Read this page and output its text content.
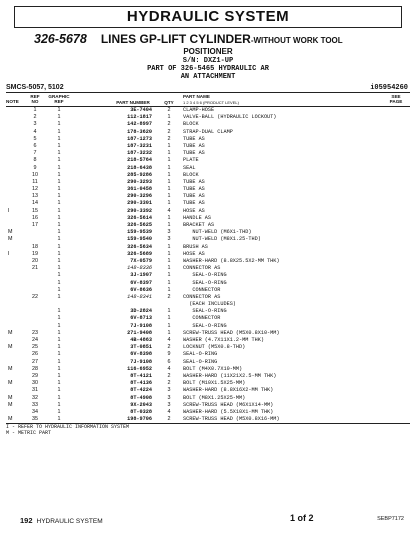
HYDRAULIC SYSTEM
326-5678 LINES GP-LIFT CYLINDER-WITHOUT WORK TOOL
POSITIONER
S/N: DXZ1-UP
PART OF 326-5465 HYDRAULIC AR
AN ATTACHMENT
SMCS-5057, 5102	i05954260
NOTE
REF
NO
GRAPHIC
REF	PART NUMBER	QTY
PART NAME
1 2 3 4 5 6 (PRODUCT LEVEL)
SEE
PAGE
1	1	3E-7404	2	CLAMP-HOSE
2	1	112-1817	1	VALVE-BALL (HYDRAULIC LOCKOUT)
3	1	142-8997	2	BLOCK
4	1	178-3620	2	STRAP-DUAL CLAMP
5	1	187-1273	2	TUBE AS
6	1	187-3231	1	TUBE AS
7	1	187-3232	1	TUBE AS
8	1	218-5764	1	PLATE
9	1	218-6438	1	SEAL
10	1	285-9286	1	BLOCK
11	1	290-3293	1	TUBE AS
12	1	361-0458	1	TUBE AS
13	1	290-3296	1	TUBE AS
14	1	290-3301	1	TUBE AS
I	15	1	290-3392	4	HOSE AS
16	1	326-5614	1	HANDLE AS
17	1	326-5625	1	BRACKET AS
M	1	159-9539	3	NUT-WELD (M6X1-THD)
M	1	159-9540	3	NUT-WELD (M8X1.25-THD)
18	1	326-5634	1	BRUSH AS
I	19	1	326-5689	1	HOSE AS
20	1	7X-0579	1	WASHER-HARD (8.8X25.5X2-MM THK)
21	1	148-8336	1	CONNECTOR AS
1	3J-1907	1	SEAL-O-RING
1	6V-8397	1	SEAL-O-RING
1	6V-8636	1	CONNECTOR
22	1	148-8341	2	CONNECTOR AS
(EACH INCLUDES)
1	3D-2824	1	SEAL-O-RING
1	6V-8713	1	CONNECTOR
1	7J-9108	1	SEAL-O-RING
M	23	1	271-9408	1	SCREW-TRUSS HEAD (M5X0.8X10-MM)
24	1	4B-4863	4	WASHER (4.7X11X1.2-MM THK)
M	25	1	3T-0851	2	LOCKNUT (M5X0.8-THD)
26	1	6V-8398	9	SEAL-O-RING
27	1	7J-9108	6	SEAL-O-RING
M	28	1	116-6952	4	BOLT (M4X0.7X10-MM)
29	1	8T-4121	2	WASHER-HARD (11X21X2.5-MM THK)
M	30	1	8T-4136	2	BOLT (M10X1.5X25-MM)
31	1	8T-4224	3	WASHER-HARD (8.8X16X2-MM THK)
M	32	1	8T-4908	3	BOLT (M8X1.25X25-MM)
M	33	1	9X-2043	3	SCREW-TRUSS HEAD (M6X1X14-MM)
34	1	8T-0328	4	WASHER-HARD (5.5X10X1-MM THK)
M	35	1	198-9706	2	SCREW-TRUSS HEAD (M5X0.8X16-MM)
I - REFER TO HYDRAULIC INFORMATION SYSTEM
M - METRIC PART
192 HYDRAULIC SYSTEM	1 of 2	SEBP7172
